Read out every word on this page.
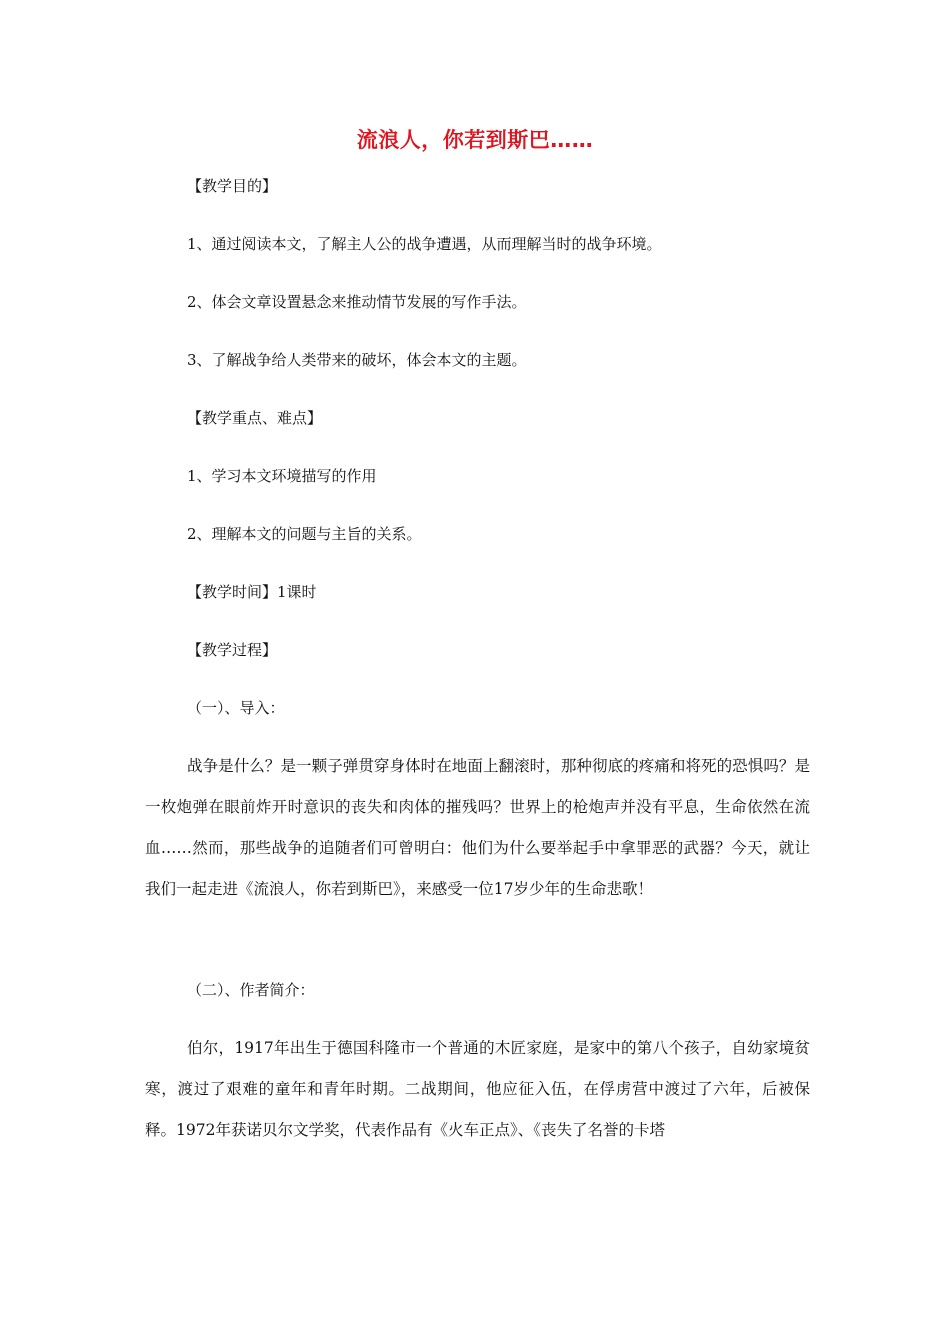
流浪人，你若到斯巴……
【教学目的】
1、通过阅读本文，了解主人公的战争遭遇，从而理解当时的战争环境。
2、体会文章设置悬念来推动情节发展的写作手法。
3、了解战争给人类带来的破坏，体会本文的主题。
【教学重点、难点】
1、学习本文环境描写的作用
2、理解本文的问题与主旨的关系。
【教学时间】1课时
【教学过程】
（一）、导入：
战争是什么？是一颗子弹贯穿身体时在地面上翻滚时，那种彻底的疼痛和将死的恐惧吗？是一枚炮弹在眼前炸开时意识的丧失和肉体的摧残吗？世界上的枪炮声并没有平息，生命依然在流血……然而，那些战争的追随者们可曾明白：他们为什么要举起手中拿罪恶的武器？今天，就让我们一起走进《流浪人，你若到斯巴》，来感受一位17岁少年的生命悲歌！
（二）、作者简介：
伯尔，1917年出生于德国科隆市一个普通的木匠家庭，是家中的第八个孩子，自幼家境贫寒，渡过了艰难的童年和青年时期。二战期间，他应征入伍，在俘虏营中渡过了六年，后被保释。1972年获诺贝尔文学奖，代表作品有《火车正点》、《丧失了名誉的卡塔
